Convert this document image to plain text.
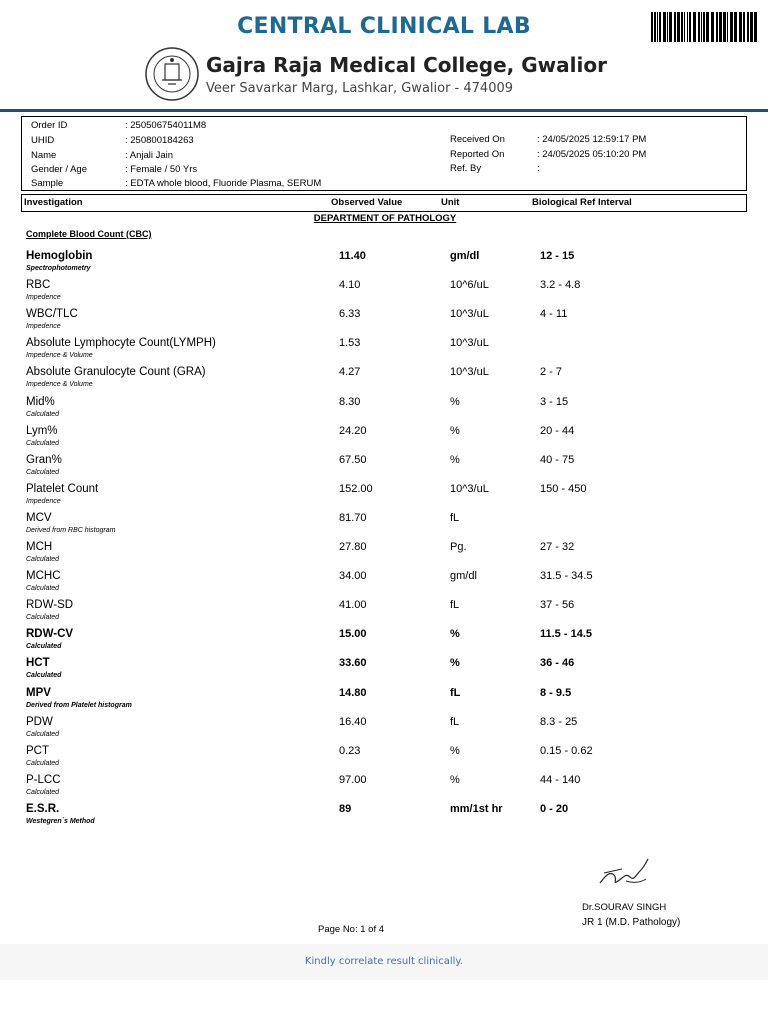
CENTRAL CLINICAL LAB
Gajra Raja Medical College, Gwalior
Veer Savarkar Marg, Lashkar, Gwalior - 474009
Order ID	: 250506754011M8
UHID	: 250800184263
Name	: Anjali Jain
Gender / Age	: Female / 50 Yrs
Sample	: EDTA whole blood, Fluoride Plasma, SERUM
Received On	: 24/05/2025 12:59:17 PM
Reported On	: 24/05/2025 05:10:20 PM
Ref. By	:
Investigation	Observed Value	Unit	Biological Ref Interval
DEPARTMENT OF PATHOLOGY
Complete Blood Count (CBC)
Hemoglobin
Spectrophotometry
11.40	gm/dl	12 - 15
RBC
Impedence
4.10	10^6/uL	3.2 - 4.8
WBC/TLC
Impedence
6.33	10^3/uL	4 - 11
Absolute Lymphocyte Count(LYMPH)
Impedence & Volume
1.53	10^3/uL
Absolute Granulocyte Count (GRA)
Impedence & Volume
4.27	10^3/uL	2 - 7
Mid%
Calculated
8.30	%	3 - 15
Lym%
Calculated
24.20	%	20 - 44
Gran%
Calculated
67.50	%	40 - 75
Platelet Count
Impedence
152.00	10^3/uL	150 - 450
MCV
Derived from RBC histogram
81.70	fL
MCH
Calculated
27.80	Pg.	27 - 32
MCHC
Calculated
34.00	gm/dl	31.5 - 34.5
RDW-SD
Calculated
41.00	fL	37 - 56
RDW-CV
Calculated
15.00	%	11.5 - 14.5
HCT
Calculated
33.60	%	36 - 46
MPV
Derived from Platelet histogram
14.80	fL	8 - 9.5
PDW
Calculated
16.40	fL	8.3 - 25
PCT
Calculated
0.23	%	0.15 - 0.62
P-LCC
Calculated
97.00	%	44 - 140
E.S.R.
Westegren`s Method
89	mm/1st hr	0 - 20
Dr.SOURAV SINGH
JR 1 (M.D. Pathology)
Page No: 1 of 4
Kindly correlate result clinically.
